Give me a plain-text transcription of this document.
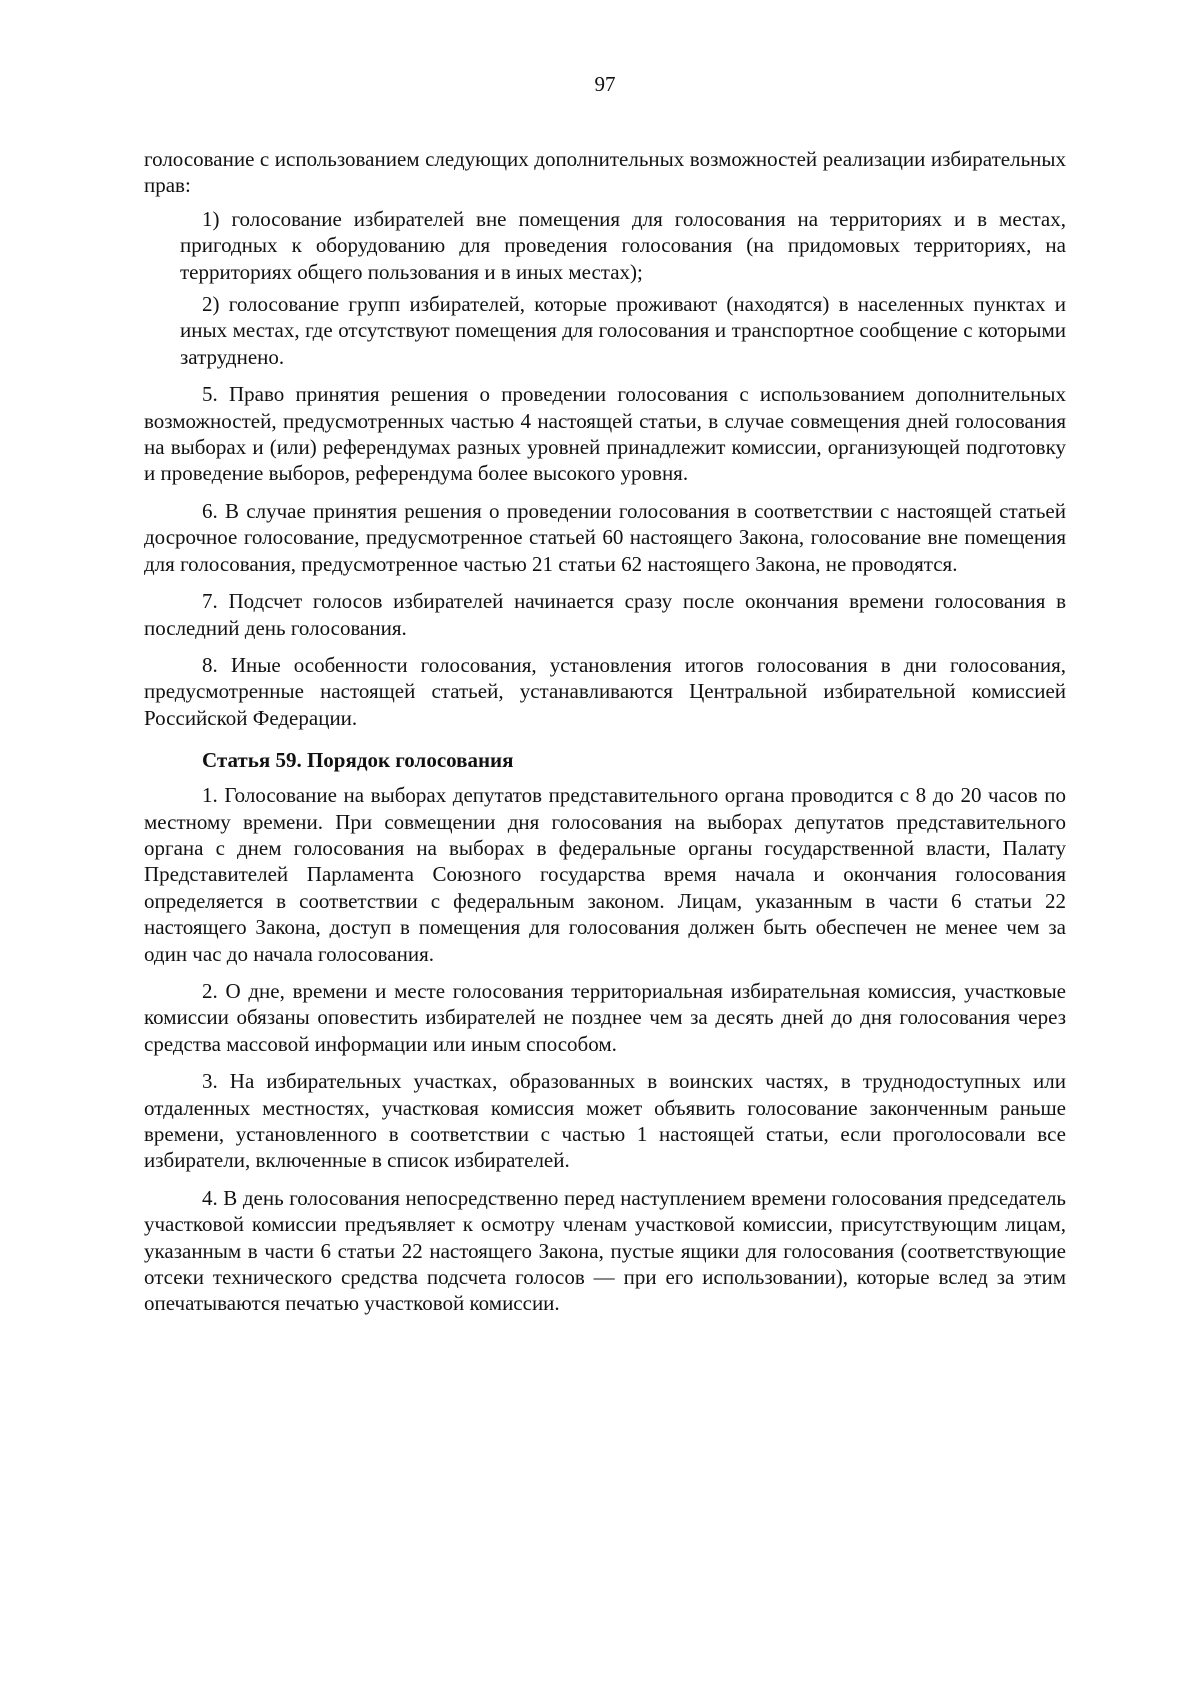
97

голосование с использованием следующих дополнительных возможностей реализации избирательных прав:

1) голосование избирателей вне помещения для голосования на территориях и в местах, пригодных к оборудованию для проведения голосования (на придомовых территориях, на территориях общего пользования и в иных местах);

2) голосование групп избирателей, которые проживают (находятся) в населенных пунктах и иных местах, где отсутствуют помещения для голосования и транспортное сообщение с которыми затруднено.

5. Право принятия решения о проведении голосования с использованием дополнительных возможностей, предусмотренных частью 4 настоящей статьи, в случае совмещения дней голосования на выборах и (или) референдумах разных уровней принадлежит комиссии, организующей подготовку и проведение выборов, референдума более высокого уровня.

6. В случае принятия решения о проведении голосования в соответствии с настоящей статьей досрочное голосование, предусмотренное статьей 60 настоящего Закона, голосование вне помещения для голосования, предусмотренное частью 21 статьи 62 настоящего Закона, не проводятся.

7. Подсчет голосов избирателей начинается сразу после окончания времени голосования в последний день голосования.

8. Иные особенности голосования, установления итогов голосования в дни голосования, предусмотренные настоящей статьей, устанавливаются Центральной избирательной комиссией Российской Федерации.

Статья 59. Порядок голосования

1. Голосование на выборах депутатов представительного органа проводится с 8 до 20 часов по местному времени. При совмещении дня голосования на выборах депутатов представительного органа с днем голосования на выборах в федеральные органы государственной власти, Палату Представителей Парламента Союзного государства время начала и окончания голосования определяется в соответствии с федеральным законом. Лицам, указанным в части 6 статьи 22 настоящего Закона, доступ в помещения для голосования должен быть обеспечен не менее чем за один час до начала голосования.

2. О дне, времени и месте голосования территориальная избирательная комиссия, участковые комиссии обязаны оповестить избирателей не позднее чем за десять дней до дня голосования через средства массовой информации или иным способом.

3. На избирательных участках, образованных в воинских частях, в труднодоступных или отдаленных местностях, участковая комиссия может объявить голосование законченным раньше времени, установленного в соответствии с частью 1 настоящей статьи, если проголосовали все избиратели, включенные в список избирателей.

4. В день голосования непосредственно перед наступлением времени голосования председатель участковой комиссии предъявляет к осмотру членам участковой комиссии, присутствующим лицам, указанным в части 6 статьи 22 настоящего Закона, пустые ящики для голосования (соответствующие отсеки технического средства подсчета голосов — при его использовании), которые вслед за этим опечатываются печатью участковой комиссии.
